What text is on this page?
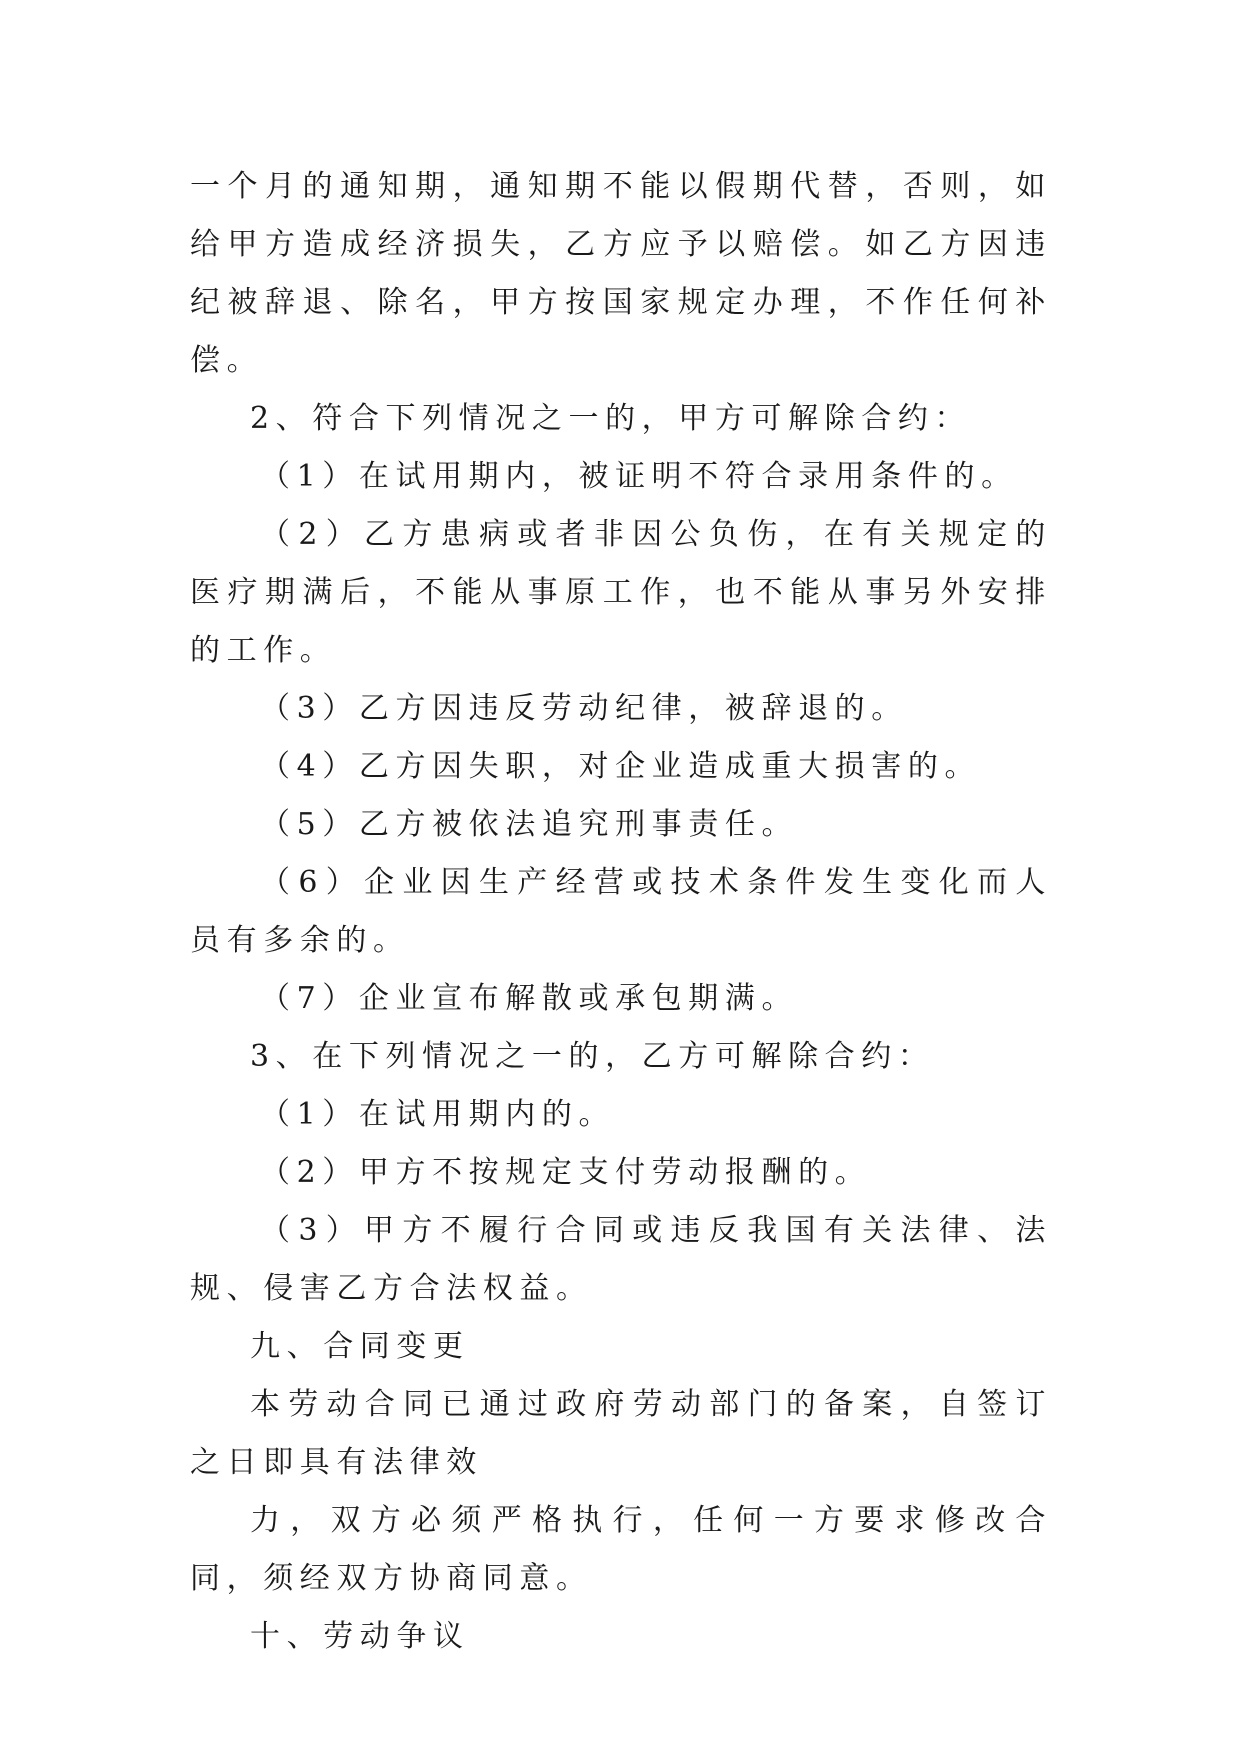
一个月的通知期，通知期不能以假期代替，否则，如给甲方造成经济损失，乙方应予以赔偿。如乙方因违纪被辞退、除名，甲方按国家规定办理，不作任何补偿。

2、符合下列情况之一的，甲方可解除合约：

（1）在试用期内，被证明不符合录用条件的。

（2）乙方患病或者非因公负伤，在有关规定的医疗期满后，不能从事原工作，也不能从事另外安排的工作。

（3）乙方因违反劳动纪律，被辞退的。

（4）乙方因失职，对企业造成重大损害的。

（5）乙方被依法追究刑事责任。

（6）企业因生产经营或技术条件发生变化而人员有多余的。

（7）企业宣布解散或承包期满。

3、在下列情况之一的，乙方可解除合约：

（1）在试用期内的。

（2）甲方不按规定支付劳动报酬的。

（3）甲方不履行合同或违反我国有关法律、法规、侵害乙方合法权益。

九、合同变更

本劳动合同已通过政府劳动部门的备案，自签订之日即具有法律效

力，双方必须严格执行，任何一方要求修改合同，须经双方协商同意。

十、劳动争议
